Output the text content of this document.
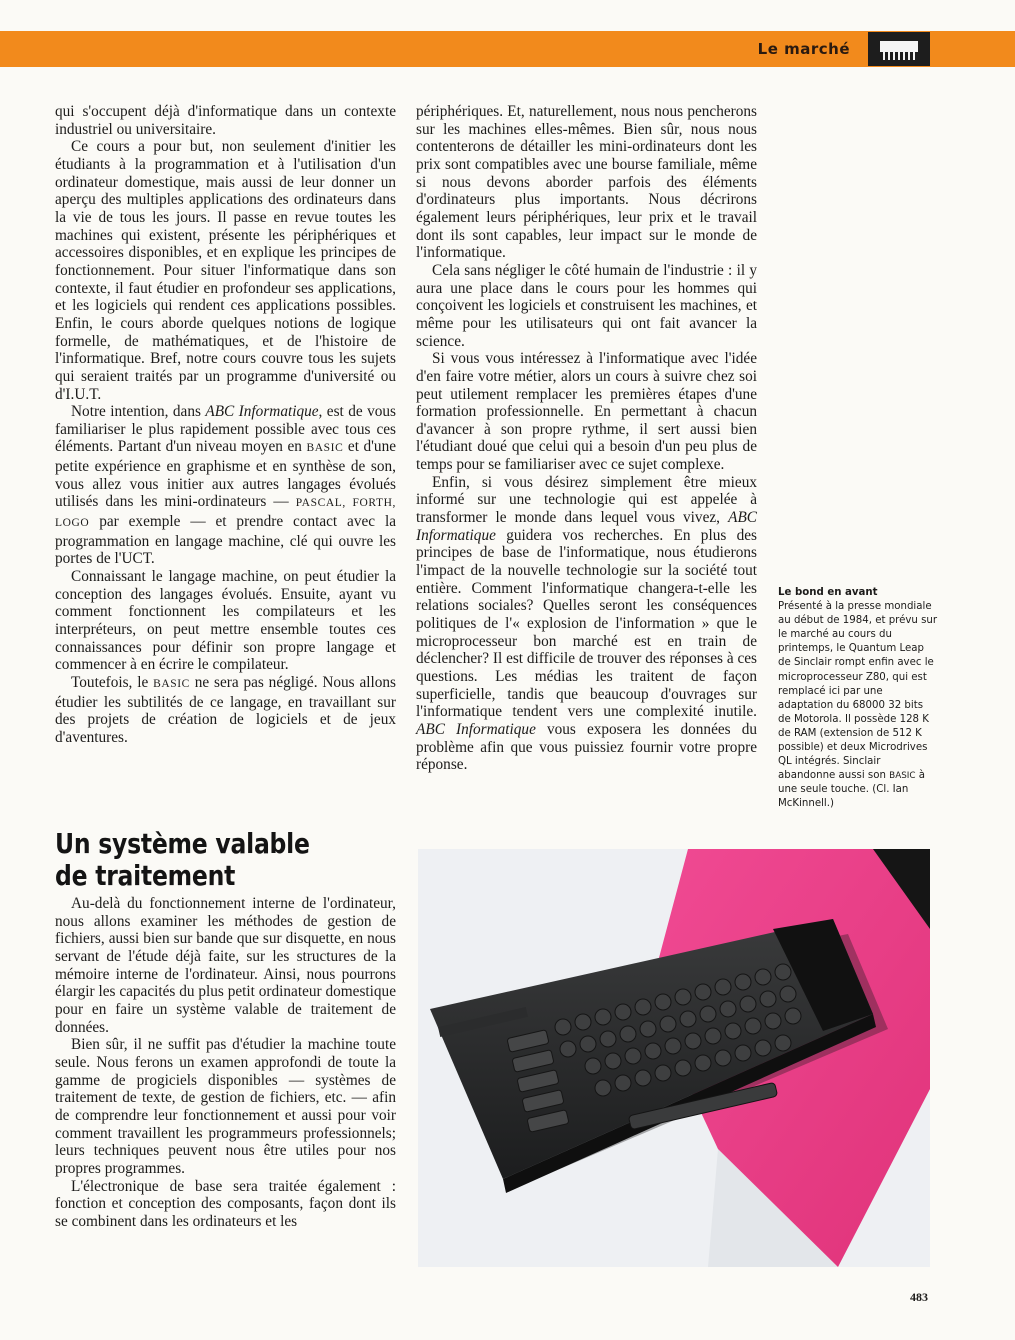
Le marché

qui s'occupent déjà d'informatique dans un contexte industriel ou universitaire.

Ce cours a pour but, non seulement d'initier les étudiants à la programmation et à l'utilisation d'un ordinateur domestique, mais aussi de leur donner un aperçu des multiples applications des ordinateurs dans la vie de tous les jours. Il passe en revue toutes les machines qui existent, présente les périphériques et accessoires disponibles, et en explique les principes de fonctionnement. Pour situer l'informatique dans son contexte, il faut étudier en profondeur ses applications, et les logiciels qui rendent ces applications possibles. Enfin, le cours aborde quelques notions de logique formelle, de mathématiques, et de l'histoire de l'informatique. Bref, notre cours couvre tous les sujets qui seraient traités par un programme d'université ou d'I.U.T.

Notre intention, dans ABC Informatique, est de vous familiariser le plus rapidement possible avec tous ces éléments. Partant d'un niveau moyen en BASIC et d'une petite expérience en graphisme et en synthèse de son, vous allez vous initier aux autres langages évolués utilisés dans les mini-ordinateurs — PASCAL, FORTH, LOGO par exemple — et prendre contact avec la programmation en langage machine, clé qui ouvre les portes de l'UCT.

Connaissant le langage machine, on peut étudier la conception des langages évolués. Ensuite, ayant vu comment fonctionnent les compilateurs et les interpréteurs, on peut mettre ensemble toutes ces connaissances pour définir son propre langage et commencer à en écrire le compilateur.

Toutefois, le BASIC ne sera pas négligé. Nous allons étudier les subtilités de ce langage, en travaillant sur des projets de création de logiciels et de jeux d'aventures.

Un système valable
de traitement

Au-delà du fonctionnement interne de l'ordinateur, nous allons examiner les méthodes de gestion de fichiers, aussi bien sur bande que sur disquette, en nous servant de l'étude déjà faite, sur les structures de la mémoire interne de l'ordinateur. Ainsi, nous pourrons élargir les capacités du plus petit ordinateur domestique pour en faire un système valable de traitement de données.

Bien sûr, il ne suffit pas d'étudier la machine toute seule. Nous ferons un examen approfondi de toute la gamme de progiciels disponibles — systèmes de traitement de texte, de gestion de fichiers, etc. — afin de comprendre leur fonctionnement et aussi pour voir comment travaillent les programmeurs professionnels; leurs techniques peuvent nous être utiles pour nos propres programmes.

L'électronique de base sera traitée également : fonction et conception des composants, façon dont ils se combinent dans les ordinateurs et les

périphériques. Et, naturellement, nous nous pencherons sur les machines elles-mêmes. Bien sûr, nous nous contenterons de détailler les mini-ordinateurs dont les prix sont compatibles avec une bourse familiale, même si nous devons aborder parfois des éléments d'ordinateurs plus importants. Nous décrirons également leurs périphériques, leur prix et le travail dont ils sont capables, leur impact sur le monde de l'informatique.

Cela sans négliger le côté humain de l'industrie : il y aura une place dans le cours pour les hommes qui conçoivent les logiciels et construisent les machines, et même pour les utilisateurs qui ont fait avancer la science.

Si vous vous intéressez à l'informatique avec l'idée d'en faire votre métier, alors un cours à suivre chez soi peut utilement remplacer les premières étapes d'une formation professionnelle. En permettant à chacun d'avancer à son propre rythme, il sert aussi bien l'étudiant doué que celui qui a besoin d'un peu plus de temps pour se familiariser avec ce sujet complexe.

Enfin, si vous désirez simplement être mieux informé sur une technologie qui est appelée à transformer le monde dans lequel vous vivez, ABC Informatique guidera vos recherches. En plus des principes de base de l'informatique, nous étudierons l'impact de la nouvelle technologie sur la société tout entière. Comment l'informatique changera-t-elle les relations sociales? Quelles seront les conséquences politiques de l'« explosion de l'information » que le microprocesseur bon marché est en train de déclencher? Il est difficile de trouver des réponses à ces questions. Les médias les traitent de façon superficielle, tandis que beaucoup d'ouvrages sur l'informatique tendent vers une complexité inutile. ABC Informatique vous exposera les données du problème afin que vous puissiez fournir votre propre réponse.

Le bond en avant
Présenté à la presse mondiale au début de 1984, et prévu sur le marché au cours du printemps, le Quantum Leap de Sinclair rompt enfin avec le microprocesseur Z80, qui est remplacé ici par une adaptation du 68000 32 bits de Motorola. Il possède 128 K de RAM (extension de 512 K possible) et deux Microdrives QL intégrés. Sinclair abandonne aussi son BASIC à une seule touche. (Cl. Ian McKinnell.)
483
